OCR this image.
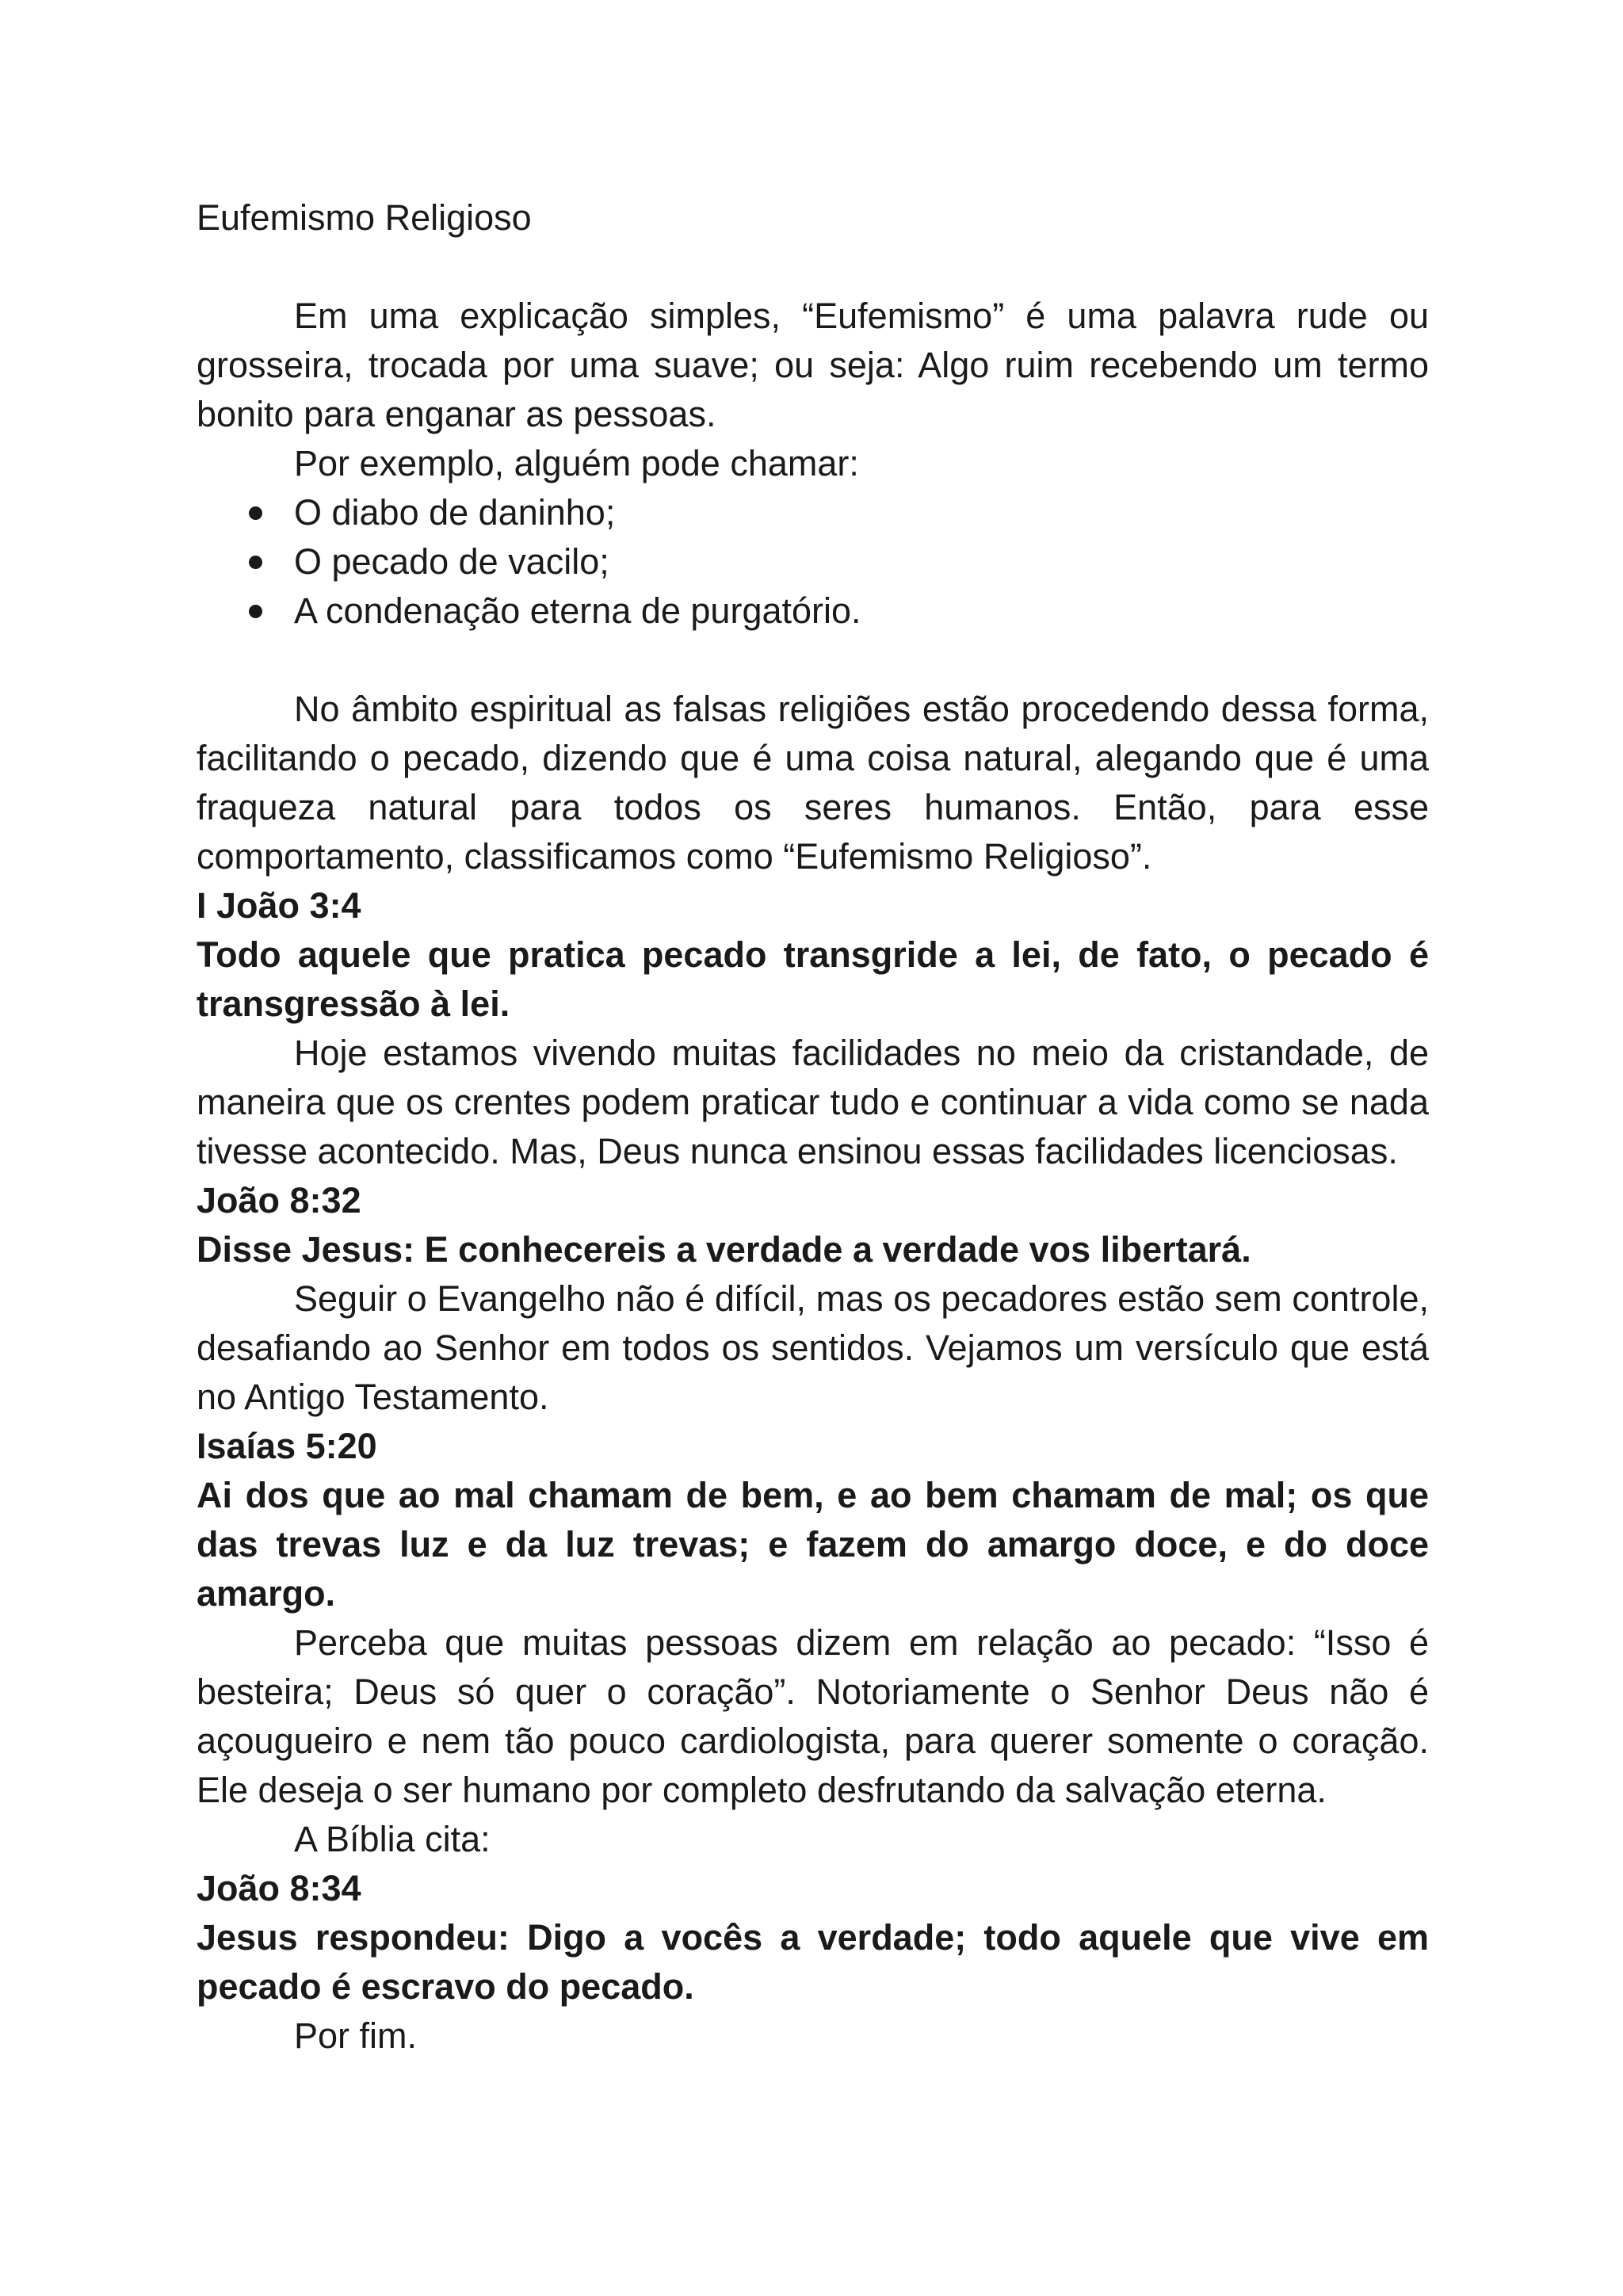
Eufemismo Religioso

Em uma explicação simples, “Eufemismo” é uma palavra rude ou grosseira, trocada por uma suave; ou seja: Algo ruim recebendo um termo bonito para enganar as pessoas.

Por exemplo, alguém pode chamar:

O diabo de daninho;
O pecado de vacilo;
A condenação eterna de purgatório.

No âmbito espiritual as falsas religiões estão procedendo dessa forma, facilitando o pecado, dizendo que é uma coisa natural, alegando que é uma fraqueza natural para todos os seres humanos. Então, para esse comportamento, classificamos como “Eufemismo Religioso”.

I João 3:4

Todo aquele que pratica pecado transgride a lei, de fato, o pecado é transgressão à lei.

Hoje estamos vivendo muitas facilidades no meio da cristandade, de maneira que os crentes podem praticar tudo e continuar a vida como se nada tivesse acontecido. Mas, Deus nunca ensinou essas facilidades licenciosas.

João 8:32

Disse Jesus: E conhecereis a verdade a verdade vos libertará.

Seguir o Evangelho não é difícil, mas os pecadores estão sem controle, desafiando ao Senhor em todos os sentidos. Vejamos um versículo que está no Antigo Testamento.

Isaías 5:20

Ai dos que ao mal chamam de bem, e ao bem chamam de mal; os que das trevas luz e da luz trevas; e fazem do amargo doce, e do doce amargo.

Perceba que muitas pessoas dizem em relação ao pecado: “Isso é besteira; Deus só quer o coração”. Notoriamente o Senhor Deus não é açougueiro e nem tão pouco cardiologista, para querer somente o coração. Ele deseja o ser humano por completo desfrutando da salvação eterna.

A Bíblia cita:

João 8:34

Jesus respondeu: Digo a vocês a verdade; todo aquele que vive em pecado é escravo do pecado.

Por fim.
